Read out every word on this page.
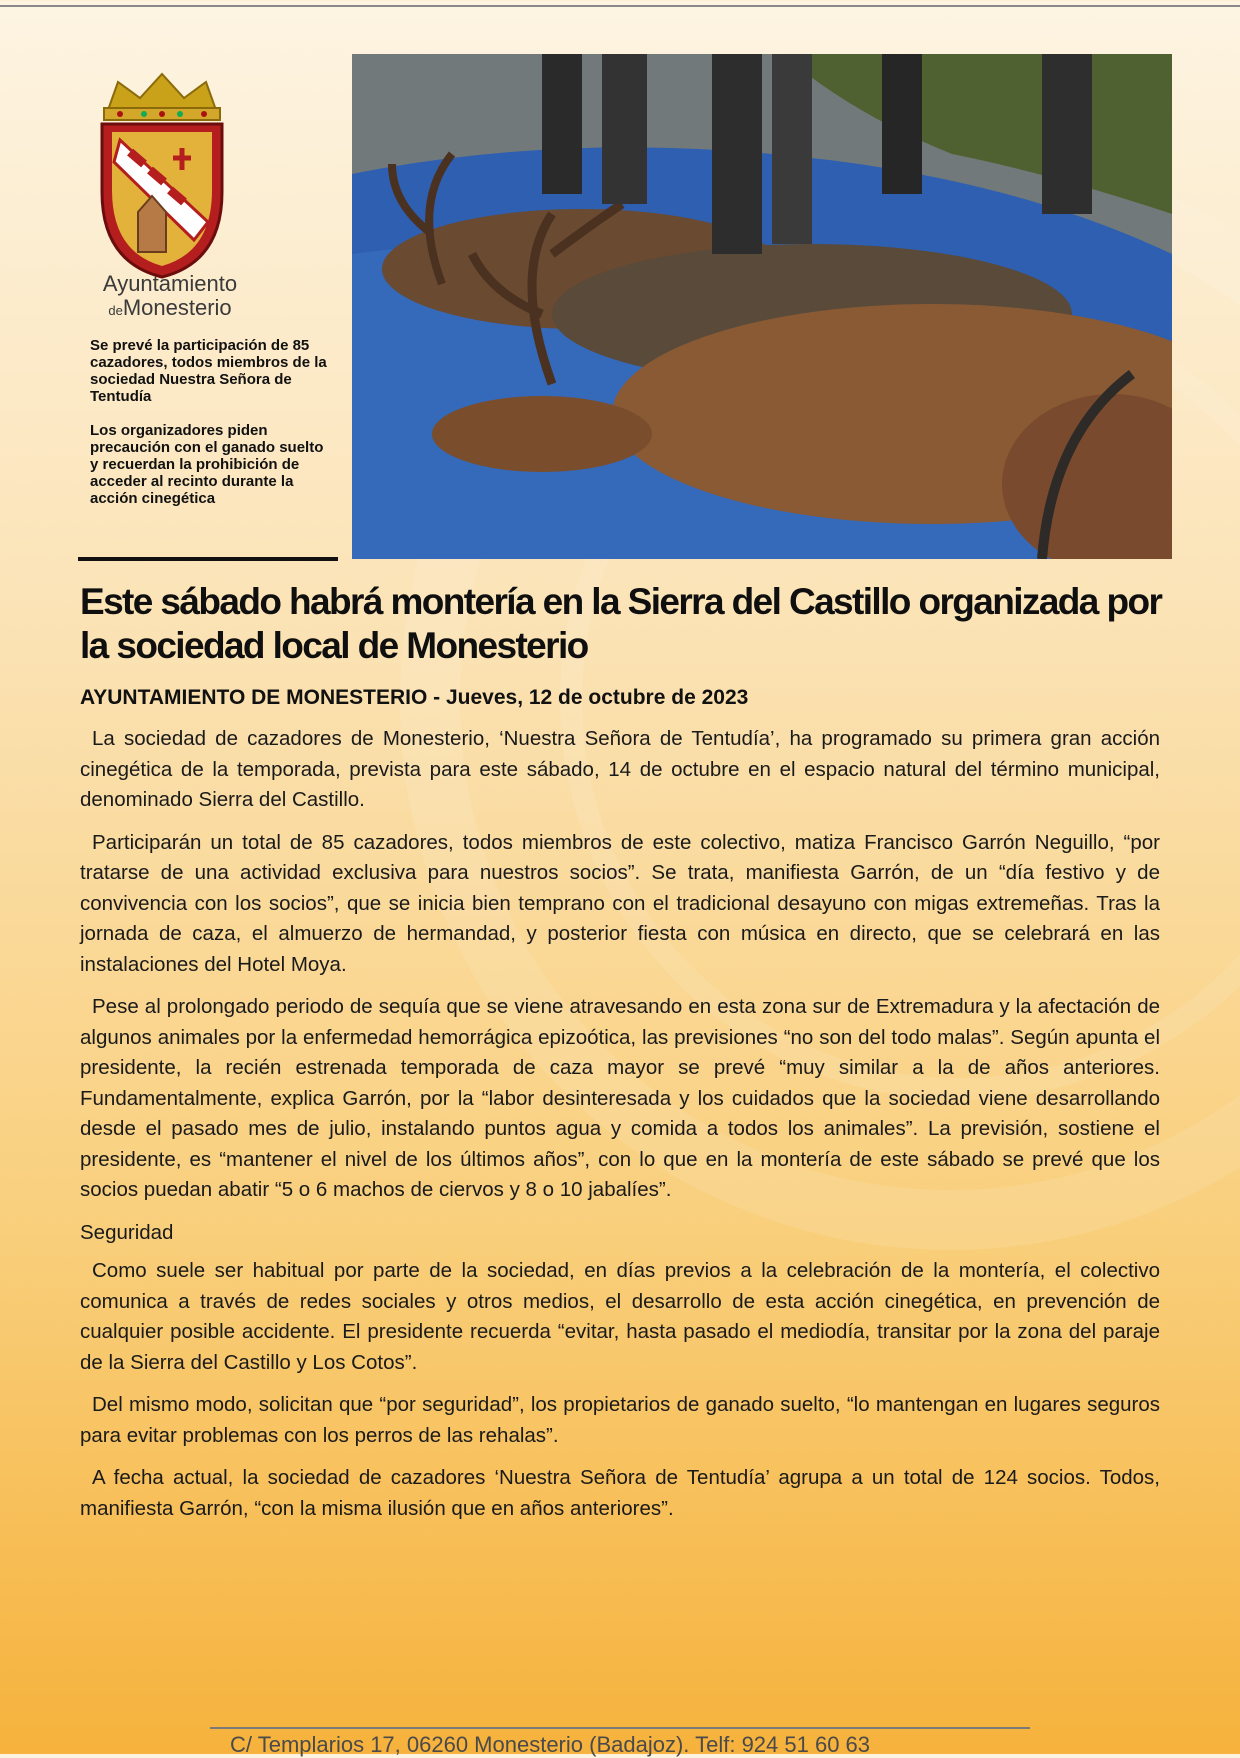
Ayuntamiento
deMonesterio
Se prevé la participación de 85 cazadores, todos miembros de la sociedad Nuestra Señora de Tentudía
Los organizadores piden precaución con el ganado suelto y recuerdan la prohibición de acceder al recinto durante la acción cinegética
Este sábado habrá montería en la Sierra del Castillo organizada por la sociedad local de Monesterio
AYUNTAMIENTO DE MONESTERIO - Jueves, 12 de octubre de 2023

La sociedad de cazadores de Monesterio, ‘Nuestra Señora de Tentudía’, ha programado su primera gran acción cinegética de la temporada, prevista para este sábado, 14 de octubre en el espacio natural del término municipal, denominado Sierra del Castillo.

Participarán un total de 85 cazadores, todos miembros de este colectivo, matiza Francisco Garrón Neguillo, “por tratarse de una actividad exclusiva para nuestros socios”. Se trata, manifiesta Garrón, de un “día festivo y de convivencia con los socios”, que se inicia bien temprano con el tradicional desayuno con migas extremeñas. Tras la jornada de caza, el almuerzo de hermandad, y posterior fiesta con música en directo, que se celebrará en las instalaciones del Hotel Moya.

Pese al prolongado periodo de sequía que se viene atravesando en esta zona sur de Extremadura y la afectación de algunos animales por la enfermedad hemorrágica epizoótica, las previsiones “no son del todo malas”. Según apunta el presidente, la recién estrenada temporada de caza mayor se prevé “muy similar a la de años anteriores. Fundamentalmente, explica Garrón, por la “labor desinteresada y los cuidados que la sociedad viene desarrollando desde el pasado mes de julio, instalando puntos agua y comida a todos los animales”. La previsión, sostiene el presidente, es “mantener el nivel de los últimos años”, con lo que en la montería de este sábado se prevé que los socios puedan abatir “5 o 6 machos de ciervos y 8 o 10 jabalíes”.

Seguridad

Como suele ser habitual por parte de la sociedad, en días previos a la celebración de la montería, el colectivo comunica a través de redes sociales y otros medios, el desarrollo de esta acción cinegética, en prevención de cualquier posible accidente. El presidente recuerda “evitar, hasta pasado el mediodía, transitar por la zona del paraje de la Sierra del Castillo y Los Cotos”.

Del mismo modo, solicitan que “por seguridad”, los propietarios de ganado suelto, “lo mantengan en lugares seguros para evitar problemas con los perros de las rehalas”.

A fecha actual, la sociedad de cazadores ‘Nuestra Señora de Tentudía’ agrupa a un total de 124 socios. Todos, manifiesta Garrón, “con la misma ilusión que en años anteriores”.

C/ Templarios 17, 06260 Monesterio (Badajoz). Telf: 924 51 60 63
